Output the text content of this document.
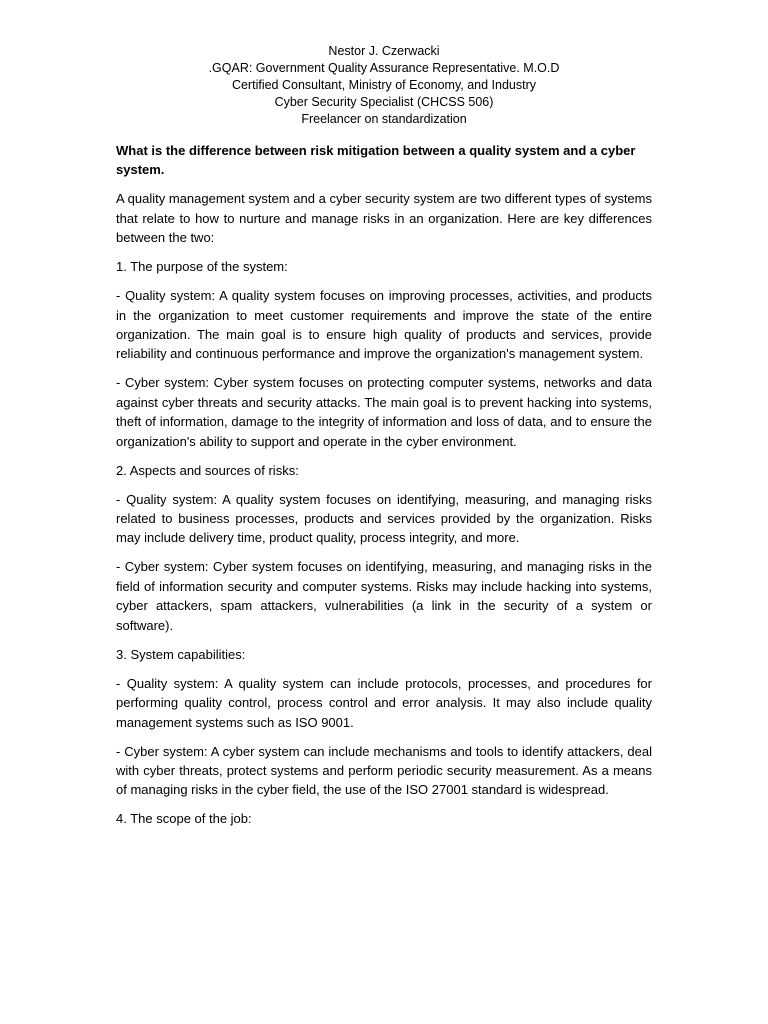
Nestor J. Czerwacki
.GQAR: Government Quality Assurance Representative. M.O.D
Certified Consultant, Ministry of Economy, and Industry
Cyber Security Specialist (CHCSS 506)
Freelancer on standardization

What is the difference between risk mitigation between a quality system and a cyber system.

A quality management system and a cyber security system are two different types of systems that relate to how to nurture and manage risks in an organization. Here are key differences between the two:

1. The purpose of the system:

- Quality system: A quality system focuses on improving processes, activities, and products in the organization to meet customer requirements and improve the state of the entire organization. The main goal is to ensure high quality of products and services, provide reliability and continuous performance and improve the organization's management system.

- Cyber system: Cyber system focuses on protecting computer systems, networks and data against cyber threats and security attacks. The main goal is to prevent hacking into systems, theft of information, damage to the integrity of information and loss of data, and to ensure the organization's ability to support and operate in the cyber environment.

2. Aspects and sources of risks:

- Quality system: A quality system focuses on identifying, measuring, and managing risks related to business processes, products and services provided by the organization. Risks may include delivery time, product quality, process integrity, and more.

- Cyber system: Cyber system focuses on identifying, measuring, and managing risks in the field of information security and computer systems. Risks may include hacking into systems, cyber attackers, spam attackers, vulnerabilities (a link in the security of a system or software).

3. System capabilities:

- Quality system: A quality system can include protocols, processes, and procedures for performing quality control, process control and error analysis. It may also include quality management systems such as ISO 9001.

- Cyber system: A cyber system can include mechanisms and tools to identify attackers, deal with cyber threats, protect systems and perform periodic security measurement. As a means of managing risks in the cyber field, the use of the ISO 27001 standard is widespread.

4. The scope of the job:
